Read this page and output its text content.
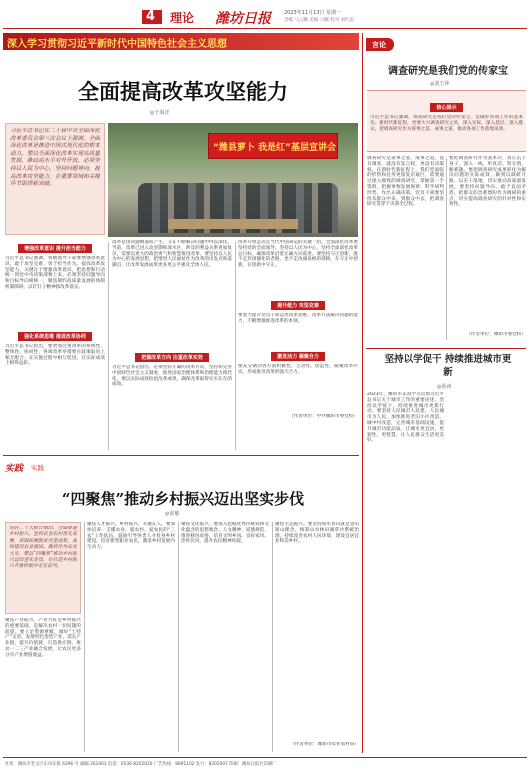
4 理论 潍坊日报	2023年11月13日 星期一
责编 马云鹏 美编 马鹏 校对 刘红雷
深入学习贯彻习近平新时代中国特色社会主义思想
全面提高改革攻坚能力
◎于海洋
习近平总书记在二十届中央全面深化改革委员会第三次会议上强调，全面深化改革是推进中国式现代化的根本动力，要以全面深化改革实现高质量发展、推动高水平对外开放，必须坚持以人民为中心，坚持问题导向，提高改革攻坚能力，在重要领域和关键环节取得新突破。
“潍县萝卜 我是红”基层宣讲会
增强改革意识 提升担当能力
习近平总书记强调，各级领导干部要增强改革意识，敢于攻坚克难，勇于担当作为。提高改革攻坚能力，关键在于增强改革意识，把思想和行动统一到党中央决策部署上来。必须坚持问题导向和目标导向相统一，聚焦制约高质量发展的体制机制障碍，以钉钉子精神抓改革落实。
强化系统思维 推进改革协同
习近平总书记指出，要更加注重改革的系统性、整体性、协同性，各项改革举措要在政策取向上相互配合、在实施过程中相互促进、在实际成效上相得益彰。
改革是由问题倒逼而产生，又在不断解决问题中得以深化。当前，改革已进入攻坚期和深水区，涉及的利益关系更加复杂，需要以更大的政治勇气和智慧推进改革。要坚持以人民为中心的发展思想，把增进人民福祉作为改革的出发点和落脚点，让改革发展成果更多更公平惠及全体人民。
把握改革方向 注重改革实效
习近平总书记指出，必须坚持正确的改革方向，坚持和完善中国特色社会主义制度，推进国家治理体系和治理能力现代化。要以实际成效检验改革成果，确保改革取得实实在在的成效。
改革开放是决定当代中国命运的关键一招。全面深化改革要坚持党的全面领导，坚持以人民为中心，坚持全面深化改革总目标，确保改革沿着正确方向前进。要坚持守正创新，既不走封闭僵化的老路，也不走改旗易帜的邪路，在守正中创新、在创新中守正。
提升能力 攻坚克难
要着力提升党员干部运用改革思维、改革方法解决问题的能力，不断增强推进改革的本领。
激发活力 凝聚合力
要充分调动各方面积极性、主动性、创造性，凝聚改革共识，形成推进改革的强大合力。
（作者单位：中共潍坊市委党校）
言论
调查研究是我们党的传家宝
◎刘玉萍
核心提示
习近平总书记强调，调查研究是我们党的传家宝，是做好各项工作的基本功。新时代新征程，更要大兴调查研究之风，深入实际、深入基层、深入群众，把调查研究作为谋事之基、成事之道，推动各项工作落地见效。
调查研究是谋事之基、成事之道。没有调查，就没有发言权，更没有决策权。在新时代新征程上，我们党面临的形势和任务更加复杂艰巨，需要通过深入细致的调查研究，掌握第一手资料，把握事物发展规律，科学研判形势，作出正确决策。党员干部要坚持从群众中来、到群众中去，把调查研究贯穿于决策全过程。
要把调查研究作为基本功，真正沉下身子，深入一线，听真话、察实情、解难题。要把调查研究成果转化为解决问题的实际成效，做到以调研开路、以实干落地，切实推动高质量发展。要坚持问题导向，敢于直面矛盾，把群众的急难愁盼作为调研的重点，切实提高调查研究的针对性和实效性。
（作者单位：潍坊市委党校）
坚持以学促干 持续推进城市更新
◎孙涛
2023年，潍坊市认真学习贯彻习近平总书记关于城市工作的重要论述，坚持以学促干，持续推进城市更新行动。要坚持人民城市人民建、人民城市为人民，加快推进老旧小区改造、城中村改造，完善城市基础设施，提升城市功能品质，让城市更宜居、更韧性、更智慧，让人民群众生活更美好。
实践 实践
“四聚焦”推动乡村振兴迈出坚实步伐
◎张敏
党的二十大报告指出，全面推进乡村振兴。坚持农业农村优先发展，巩固拓展脱贫攻坚成果，加快建设农业强国。潍坊作为农业大市，要以“四聚焦”推动乡村振兴迈出坚实步伐，在打造乡村振兴齐鲁样板中走在前列。
聚焦产业振兴。产业兴旺是乡村振兴的重要基础，是解决农村一切问题的前提。要立足资源禀赋，做好“土特产”文章，发展特色优势产业，延长产业链，提升价值链，打造供应链，推动一二三产业融合发展，让农民更多分享产业增值收益。
聚焦人才振兴。乡村振兴，关键在人。要加快培养一支懂农业、爱农村、爱农民的“三农”工作队伍，鼓励引导各类人才投身乡村建设，培育新型职业农民，激发乡村发展内生动力。
聚焦文化振兴。要深入挖掘优秀传统农耕文化蕴含的思想观念、人文精神、道德规范，推进移风易俗，培育文明乡风、良好家风、淳朴民风，提升农民精神风貌。
聚焦生态振兴。要坚持绿水青山就是金山银山理念，统筹山水林田湖草沙系统治理，持续改善农村人居环境，建设宜居宜业和美乡村。
（作者单位：潍坊市农业农村局）
社址：潍坊市奎文区东风东街 6396 号 邮编 261061 电话：0536-8202020 广告热线：8891102 发行：8202007 印刷：潍坊日报社印刷厂
